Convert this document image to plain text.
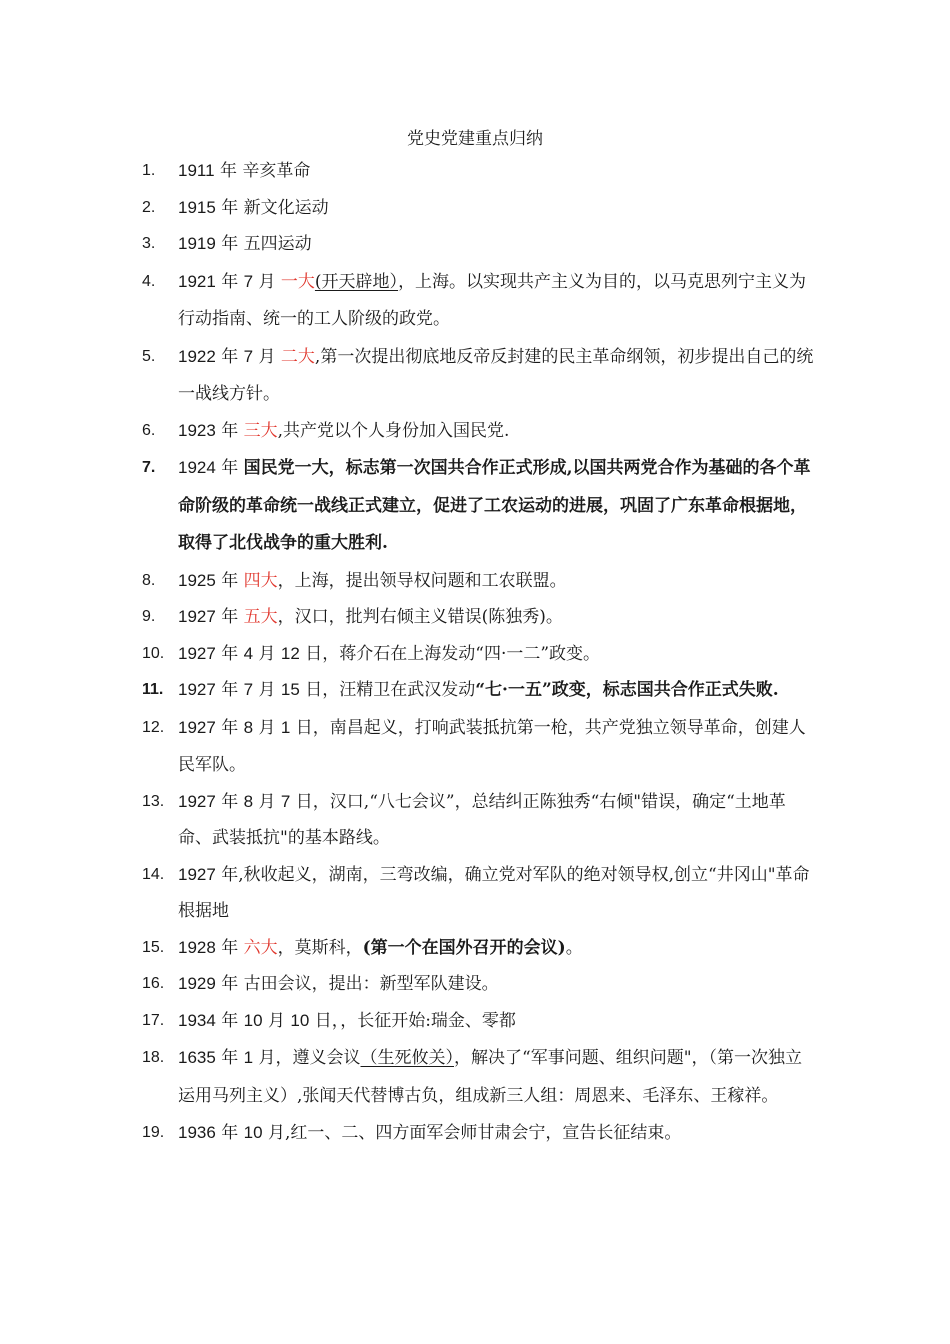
党史党建重点归纳
1.	1911 年 辛亥革命
2.	1915 年 新文化运动
3.	1919 年 五四运动
4.	1921 年 7 月 一大(开天辟地），上海。以实现共产主义为目的，以马克思列宁主义为行动指南、统一的工人阶级的政党。
5.	1922 年 7 月 二大,第一次提出彻底地反帝反封建的民主革命纲领，初步提出自己的统一战线方针。
6.	1923 年 三大,共产党以个人身份加入国民党.
7.	1924 年 国民党一大，标志第一次国共合作正式形成,以国共两党合作为基础的各个革命阶级的革命统一战线正式建立，促进了工农运动的进展，巩固了广东革命根据地，取得了北伐战争的重大胜利.
8.	1925 年 四大，上海，提出领导权问题和工农联盟。
9.	1927 年 五大，汉口，批判右倾主义错误(陈独秀)。
10. 1927 年 4 月 12 日，蒋介石在上海发动“四·一二”政变。
11. 1927 年 7 月 15 日，汪精卫在武汉发动“七·一五”政变，标志国共合作正式失败.
12. 1927 年 8 月 1 日，南昌起义，打响武装抵抗第一枪，共产党独立领导革命，创建人民军队。
13. 1927 年 8 月 7 日，汉口,“八七会议”，总结纠正陈独秀“右倾"错误，确定“土地革命、武装抵抗"的基本路线。
14. 1927 年,秋收起义，湖南，三弯改编，确立党对军队的绝对领导权,创立“井冈山"革命根据地
15. 1928 年 六大，莫斯科，(第一个在国外召开的会议)。
16. 1929 年 古田会议，提出：新型军队建设。
17. 1934 年 10 月 10 日，，长征开始:瑞金、零都
18. 1635 年 1 月，遵义会议（生死攸关），解决了“军事问题、组织问题"，（第一次独立运用马列主义）,张闻天代替博古负，组成新三人组：周恩来、毛泽东、王稼祥。
19. 1936 年 10 月,红一、二、四方面军会师甘肃会宁，宣告长征结束。
